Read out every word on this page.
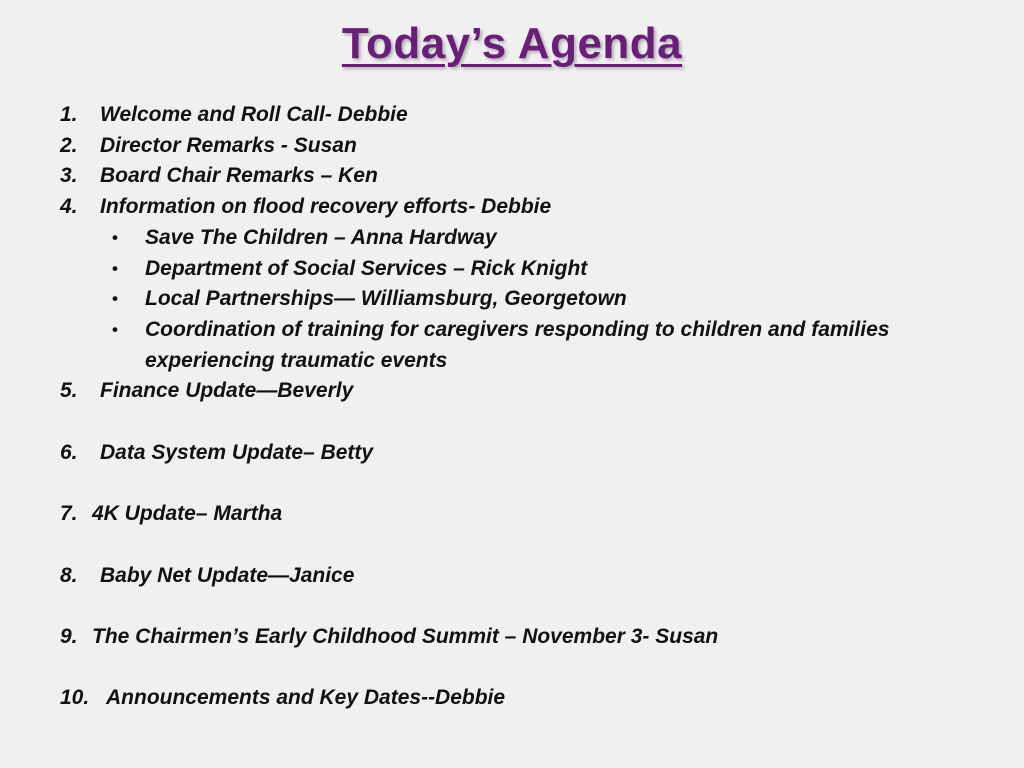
Today’s Agenda
1. Welcome and Roll Call- Debbie
2. Director Remarks - Susan
3. Board Chair Remarks – Ken
4. Information on flood recovery efforts- Debbie
• Save The Children – Anna Hardway
• Department of Social Services – Rick Knight
• Local Partnerships— Williamsburg, Georgetown
• Coordination of training for caregivers responding to children and families experiencing traumatic events
5. Finance Update—Beverly
6. Data System Update– Betty
7. 4K Update– Martha
8. Baby Net Update—Janice
9. The Chairmen’s Early Childhood Summit – November 3- Susan
10. Announcements and Key Dates--Debbie
